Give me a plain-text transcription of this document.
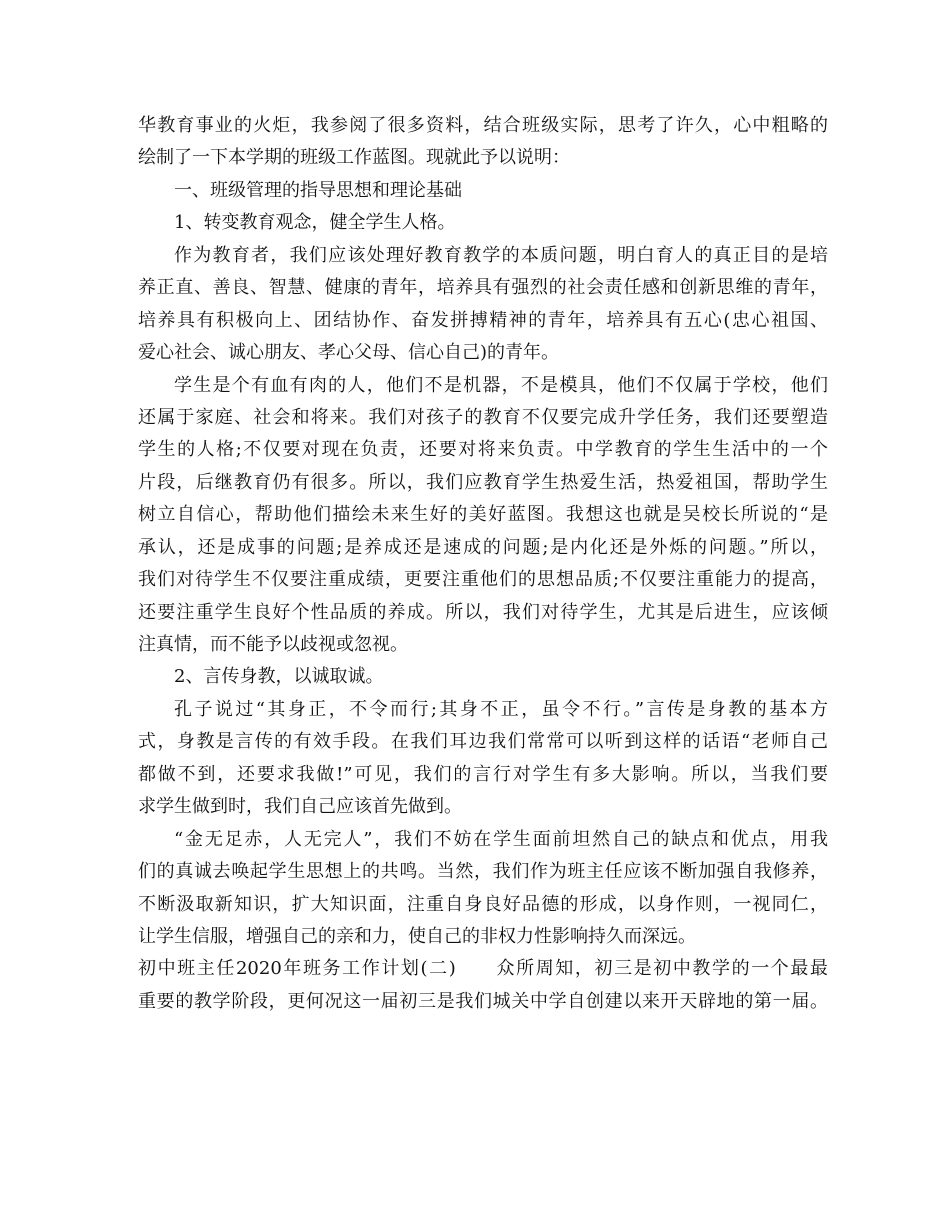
华教育事业的火炬，我参阅了很多资料，结合班级实际，思考了许久，心中粗略的
绘制了一下本学期的班级工作蓝图。现就此予以说明：
一、班级管理的指导思想和理论基础
1、转变教育观念，健全学生人格。
作为教育者，我们应该处理好教育教学的本质问题，明白育人的真正目的是培
养正直、善良、智慧、健康的青年，培养具有强烈的社会责任感和创新思维的青年，
培养具有积极向上、团结协作、奋发拼搏精神的青年，培养具有五心(忠心祖国、
爱心社会、诚心朋友、孝心父母、信心自己)的青年。
学生是个有血有肉的人，他们不是机器，不是模具，他们不仅属于学校，他们
还属于家庭、社会和将来。我们对孩子的教育不仅要完成升学任务，我们还要塑造
学生的人格;不仅要对现在负责，还要对将来负责。中学教育的学生生活中的一个
片段，后继教育仍有很多。所以，我们应教育学生热爱生活，热爱祖国，帮助学生
树立自信心，帮助他们描绘未来生好的美好蓝图。我想这也就是吴校长所说的“是
承认，还是成事的问题;是养成还是速成的问题;是内化还是外烁的问题。”所以，
我们对待学生不仅要注重成绩，更要注重他们的思想品质;不仅要注重能力的提高，
还要注重学生良好个性品质的养成。所以，我们对待学生，尤其是后进生，应该倾
注真情，而不能予以歧视或忽视。
2、言传身教，以诚取诚。
孔子说过“其身正，不令而行;其身不正，虽令不行。”言传是身教的基本方
式，身教是言传的有效手段。在我们耳边我们常常可以听到这样的话语“老师自己
都做不到，还要求我做!”可见，我们的言行对学生有多大影响。所以，当我们要
求学生做到时，我们自己应该首先做到。
“金无足赤，人无完人”，我们不妨在学生面前坦然自己的缺点和优点，用我
们的真诚去唤起学生思想上的共鸣。当然，我们作为班主任应该不断加强自我修养，
不断汲取新知识，扩大知识面，注重自身良好品德的形成，以身作则，一视同仁，
让学生信服，增强自己的亲和力，使自己的非权力性影响持久而深远。
初中班主任2020年班务工作计划(二)　　众所周知，初三是初中教学的一个最最
重要的教学阶段，更何况这一届初三是我们城关中学自创建以来开天辟地的第一届。
